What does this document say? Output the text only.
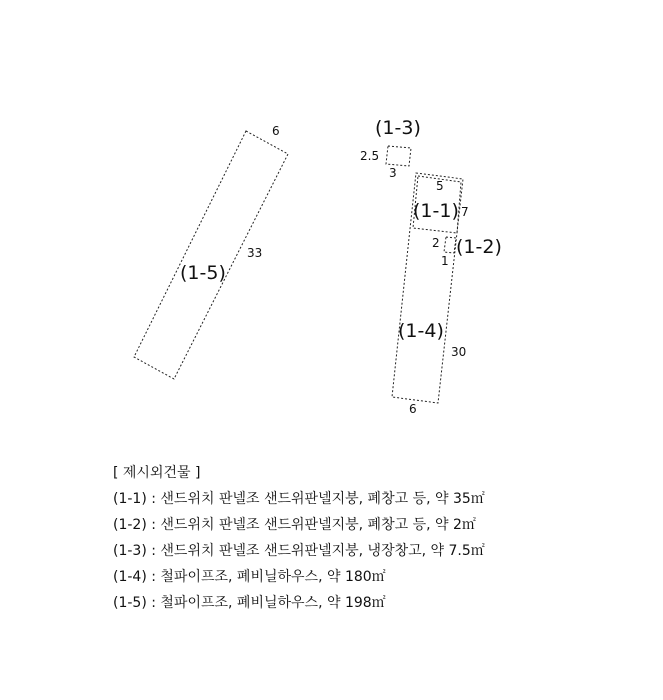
6
33
(1-5)
(1-3)
2.5
3
5
(1-1) 7
2
1
(1-2)
(1-4)
30
6
[ 제시외건물 ]
(1-1) : 샌드위치 판넬조 샌드위판넬지붕, 폐창고 등, 약 35㎡
(1-2) : 샌드위치 판넬조 샌드위판넬지붕, 폐창고 등, 약 2㎡
(1-3) : 샌드위치 판넬조 샌드위판넬지붕, 냉장창고, 약 7.5㎡
(1-4) : 철파이프조, 폐비닐하우스, 약 180㎡
(1-5) : 철파이프조, 폐비닐하우스, 약 198㎡
